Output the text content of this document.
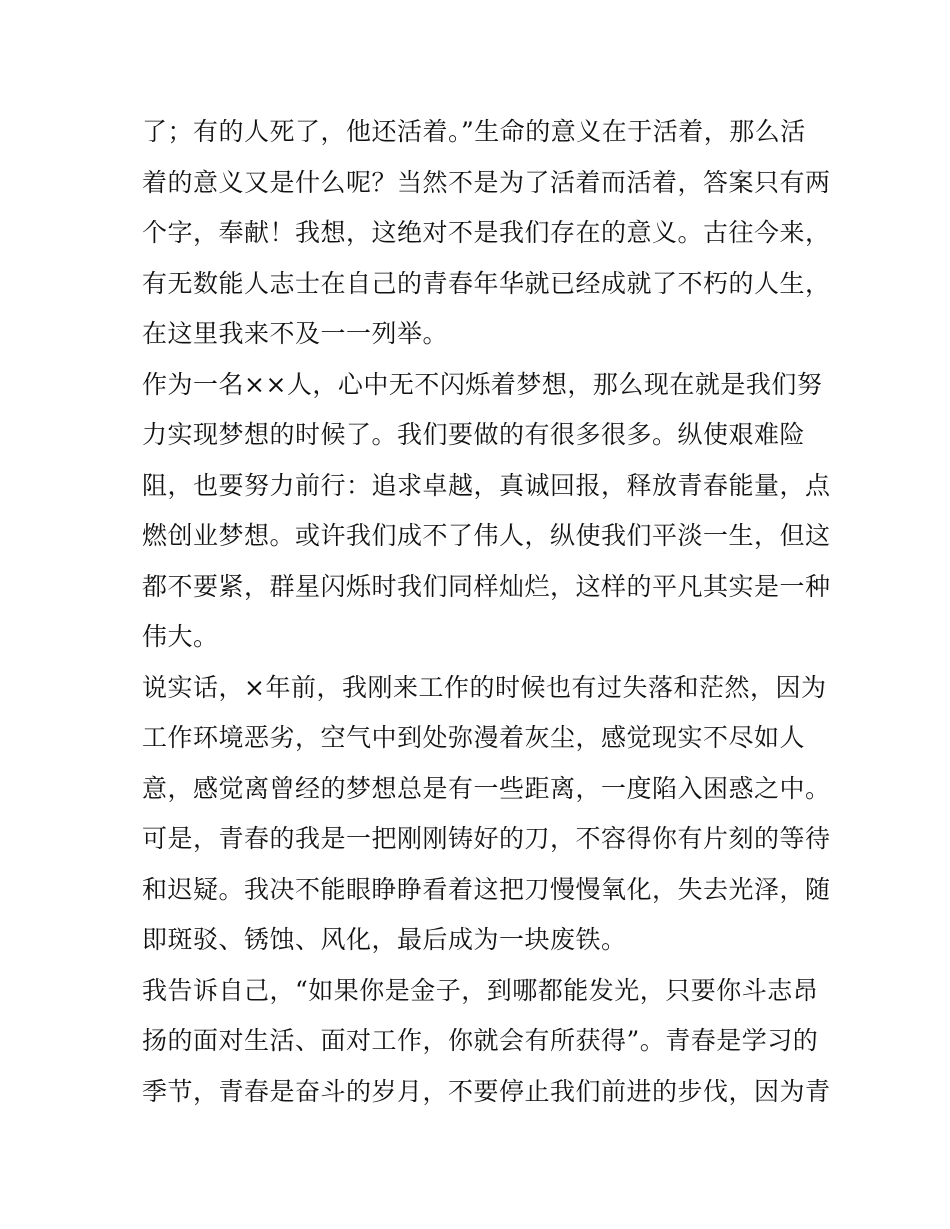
了；有的人死了，他还活着。”生命的意义在于活着，那么活
着的意义又是什么呢？当然不是为了活着而活着，答案只有两
个字，奉献！我想，这绝对不是我们存在的意义。古往今来，
有无数能人志士在自己的青春年华就已经成就了不朽的人生，
在这里我来不及一一列举。
作为一名××人，心中无不闪烁着梦想，那么现在就是我们努
力实现梦想的时候了。我们要做的有很多很多。纵使艰难险
阻，也要努力前行：追求卓越，真诚回报，释放青春能量，点
燃创业梦想。或许我们成不了伟人，纵使我们平淡一生，但这
都不要紧，群星闪烁时我们同样灿烂，这样的平凡其实是一种
伟大。
说实话，×年前，我刚来工作的时候也有过失落和茫然，因为
工作环境恶劣，空气中到处弥漫着灰尘，感觉现实不尽如人
意，感觉离曾经的梦想总是有一些距离，一度陷入困惑之中。
可是，青春的我是一把刚刚铸好的刀，不容得你有片刻的等待
和迟疑。我决不能眼睁睁看着这把刀慢慢氧化，失去光泽，随
即斑驳、锈蚀、风化，最后成为一块废铁。
我告诉自己，“如果你是金子，到哪都能发光，只要你斗志昂
扬的面对生活、面对工作，你就会有所获得”。青春是学习的
季节，青春是奋斗的岁月，不要停止我们前进的步伐，因为青
